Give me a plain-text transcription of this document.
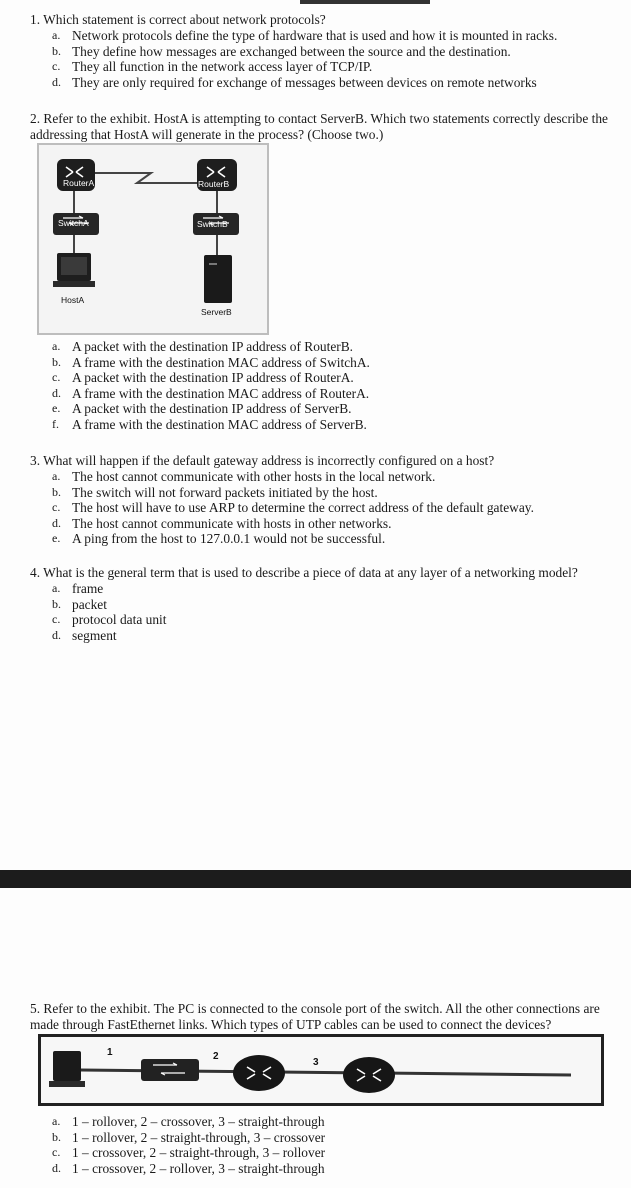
1. Which statement is correct about network protocols?

a. Network protocols define the type of hardware that is used and how it is mounted in racks.
b. They define how messages are exchanged between the source and the destination.
c. They all function in the network access layer of TCP/IP.
d. They are only required for exchange of messages between devices on remote networks

2. Refer to the exhibit. HostA is attempting to contact ServerB. Which two statements correctly describe the addressing that HostA will generate in the process? (Choose two.)

RouterA	RouterB
SwitchA	SwitchB
HostA
ServerB
a. A packet with the destination IP address of RouterB.
b. A frame with the destination MAC address of SwitchA.
c. A packet with the destination IP address of RouterA.
d. A frame with the destination MAC address of RouterA.
e. A packet with the destination IP address of ServerB.
f. A frame with the destination MAC address of ServerB.

3. What will happen if the default gateway address is incorrectly configured on a host?

a. The host cannot communicate with other hosts in the local network.
b. The switch will not forward packets initiated by the host.
c. The host will have to use ARP to determine the correct address of the default gateway.
d. The host cannot communicate with hosts in other networks.
e. A ping from the host to 127.0.0.1 would not be successful.

4. What is the general term that is used to describe a piece of data at any layer of a networking model?

a. frame
b. packet
c. protocol data unit
d. segment

5. Refer to the exhibit. The PC is connected to the console port of the switch. All the other connections are made through FastEthernet links. Which types of UTP cables can be used to connect the devices?

1	2
3
a. 1 – rollover, 2 – crossover, 3 – straight-through
b. 1 – rollover, 2 – straight-through, 3 – crossover
c. 1 – crossover, 2 – straight-through, 3 – rollover
d. 1 – crossover, 2 – rollover, 3 – straight-through
